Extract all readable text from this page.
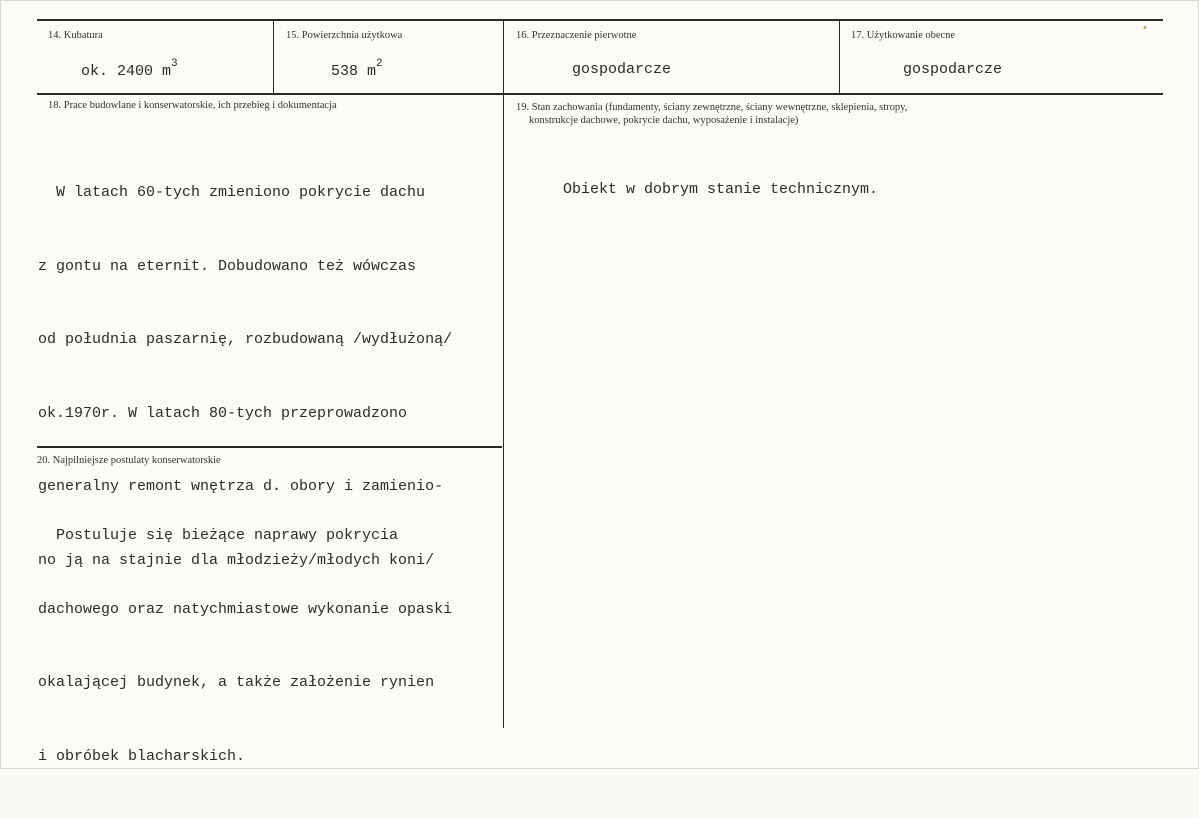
14. Kubatura
ok. 2400 $m^3$
15. Powierzchnia użytkowa
538 $m^2$
16. Przeznaczenie pierwotne
gospodarcze
17. Użytkowanie obecne
gospodarcze
18. Prace budowlane i konserwatorskie, ich przebieg i dokumentacja

W latach 60-tych zmieniono pokrycie dachu

z gontu na eternit. Dobudowano też wówczas

od południa paszarnię, rozbudowaną /wydłużoną/

ok.1970r. W latach 80-tych przeprowadzono

generalny remont wnętrza d. obory i zamienio-

no ją na stajnie dla młodzieży/młodych koni/

19. Stan zachowania (fundamenty, ściany zewnętrzne, ściany wewnętrzne, sklepienia, stropy,
konstrukcje dachowe, pokrycie dachu, wyposażenie i instalacje)

Obiekt w dobrym stanie technicznym.

20. Najpilniejsze postulaty konserwatorskie

Postuluje się bieżące naprawy pokrycia

dachowego oraz natychmiastowe wykonanie opaski

okalającej budynek, a także założenie rynien

i obróbek blacharskich.

•
